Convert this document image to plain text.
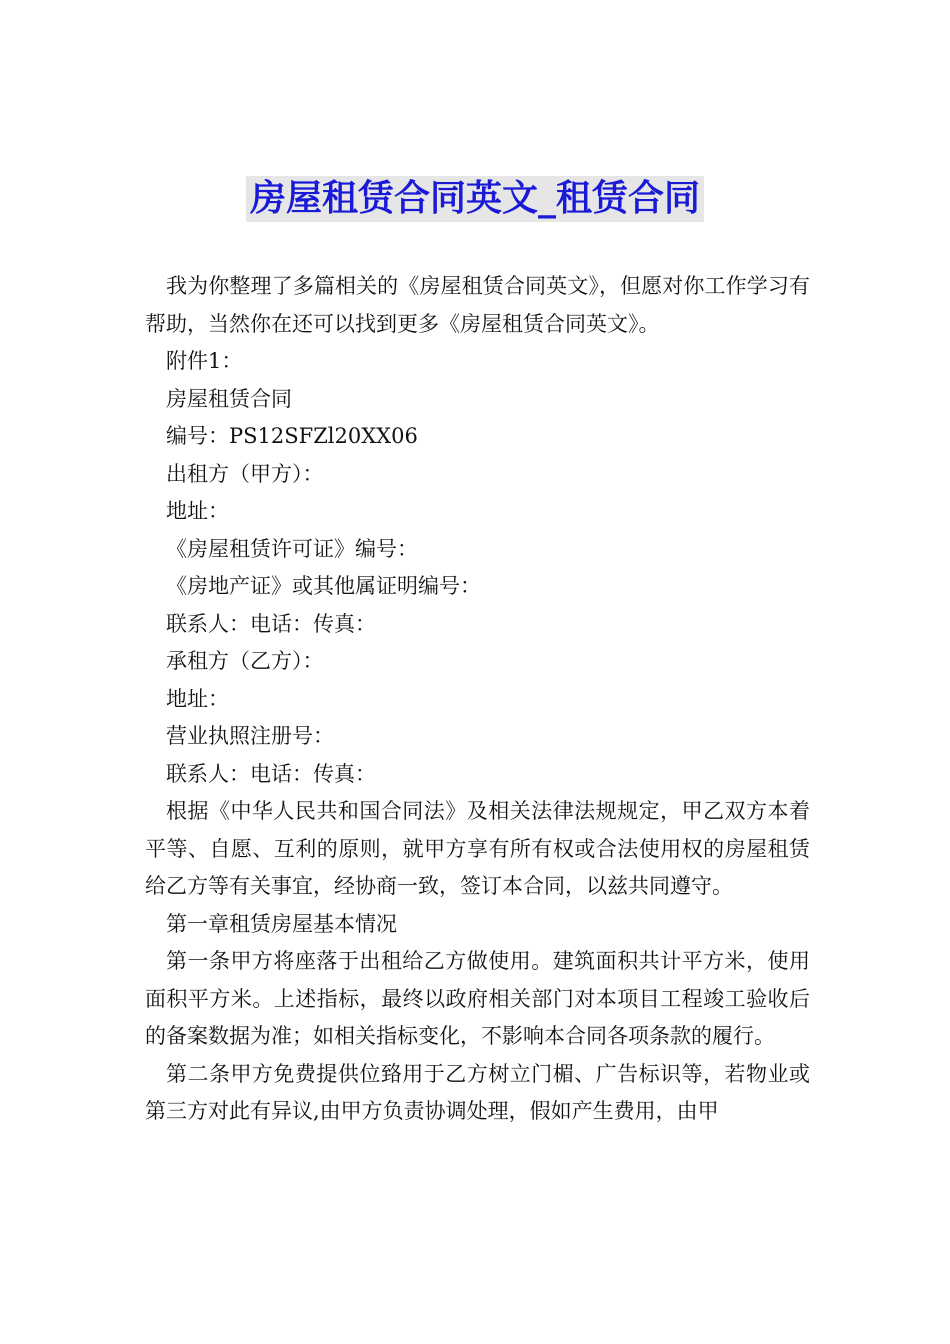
房屋租赁合同英文_租赁合同

我为你整理了多篇相关的《房屋租赁合同英文》，但愿对你工作学习有帮助，当然你在还可以找到更多《房屋租赁合同英文》。

附件1：

房屋租赁合同

编号：PS12SFZl20XX06

出租方（甲方）：

地址：

《房屋租赁许可证》编号：

《房地产证》或其他属证明编号：

联系人：电话：传真：

承租方（乙方）：

地址：

营业执照注册号：

联系人：电话：传真：

根据《中华人民共和国合同法》及相关法律法规规定，甲乙双方本着平等、自愿、互利的原则，就甲方享有所有权或合法使用权的房屋租赁给乙方等有关事宜，经协商一致，签订本合同，以兹共同遵守。

第一章租赁房屋基本情况

第一条甲方将座落于出租给乙方做使用。建筑面积共计平方米，使用面积平方米。上述指标，最终以政府相关部门对本项目工程竣工验收后的备案数据为准；如相关指标变化，不影响本合同各项条款的履行。

第二条甲方免费提供位臵用于乙方树立门楣、广告标识等，若物业或第三方对此有异议,由甲方负责协调处理，假如产生费用，由甲
